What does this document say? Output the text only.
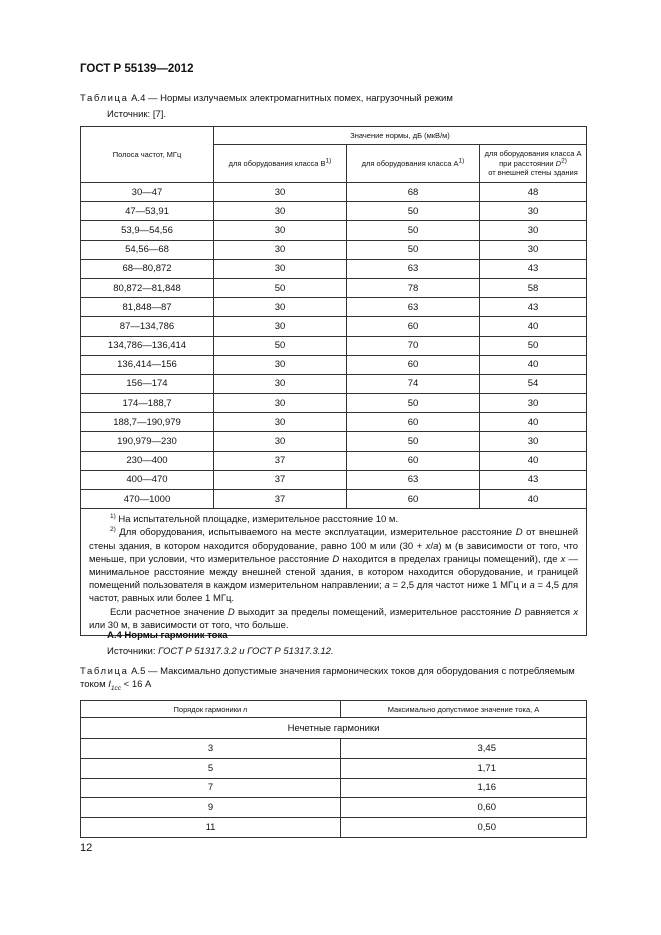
ГОСТ Р 55139—2012
Таблица А.4 — Нормы излучаемых электромагнитных помех, нагрузочный режим
Источник: [7].
Полоса частот, МГц	Значение нормы, дБ (мкВ/м)		
	для оборудования класса $B^{1)}$	для оборудования класса $A^{1)}$	для оборудования класса А
при расстоянии $D^{2)}$
от внешней стены здания
30—47	30	68	48
47—53,91	30	50	30
53,9—54,56	30	50	30
54,56—68	30	50	30
68—80,872	30	63	43
80,872—81,848	50	78	58
81,848—87	30	63	43
87—134,786	30	60	40
134,786—136,414	50	70	50
136,414—156	30	60	40
156—174	30	74	54
174—188,7	30	50	30
188,7—190,979	30	60	40
190,979—230	30	50	30
230—400	37	60	40
400—470	37	63	43
470—1000	37	60	40

$^{1)}$ На испытательной площадке, измерительное расстояние 10 м.

$^{2)}$ Для оборудования, испытываемого на месте эксплуатации, измерительное расстояние D от внешней стены здания, в котором находится оборудование, равно 100 м или (30 + x/a) м (в зависимости от того, что меньше, при условии, что измерительное расстояние D находится в пределах границы помещений), где x — минимальное расстояние между внешней стеной здания, в котором находится оборудование, и границей помещений пользователя в каждом измерительном направлении; a = 2,5 для частот ниже 1 МГц и a = 4,5 для частот, равных или более 1 МГц.

Если расчетное значение D выходит за пределы помещений, измерительное расстояние D равняется x или 30 м, в зависимости от того, что больше.			

А.4 Нормы гармоник тока
Источники: ГОСТ Р 51317.3.2 и ГОСТ Р 51317.3.12.
Таблица А.5 — Максимально допустимые значения гармонических токов для оборудования с потребляемым током $I_{1cc} < 16$ А
Порядок гармоники n	Максимально допустимое значение тока, А
Нечетные гармоники	
3	3,45
5	1,71
7	1,16
9	0,60
11	0,50
12
